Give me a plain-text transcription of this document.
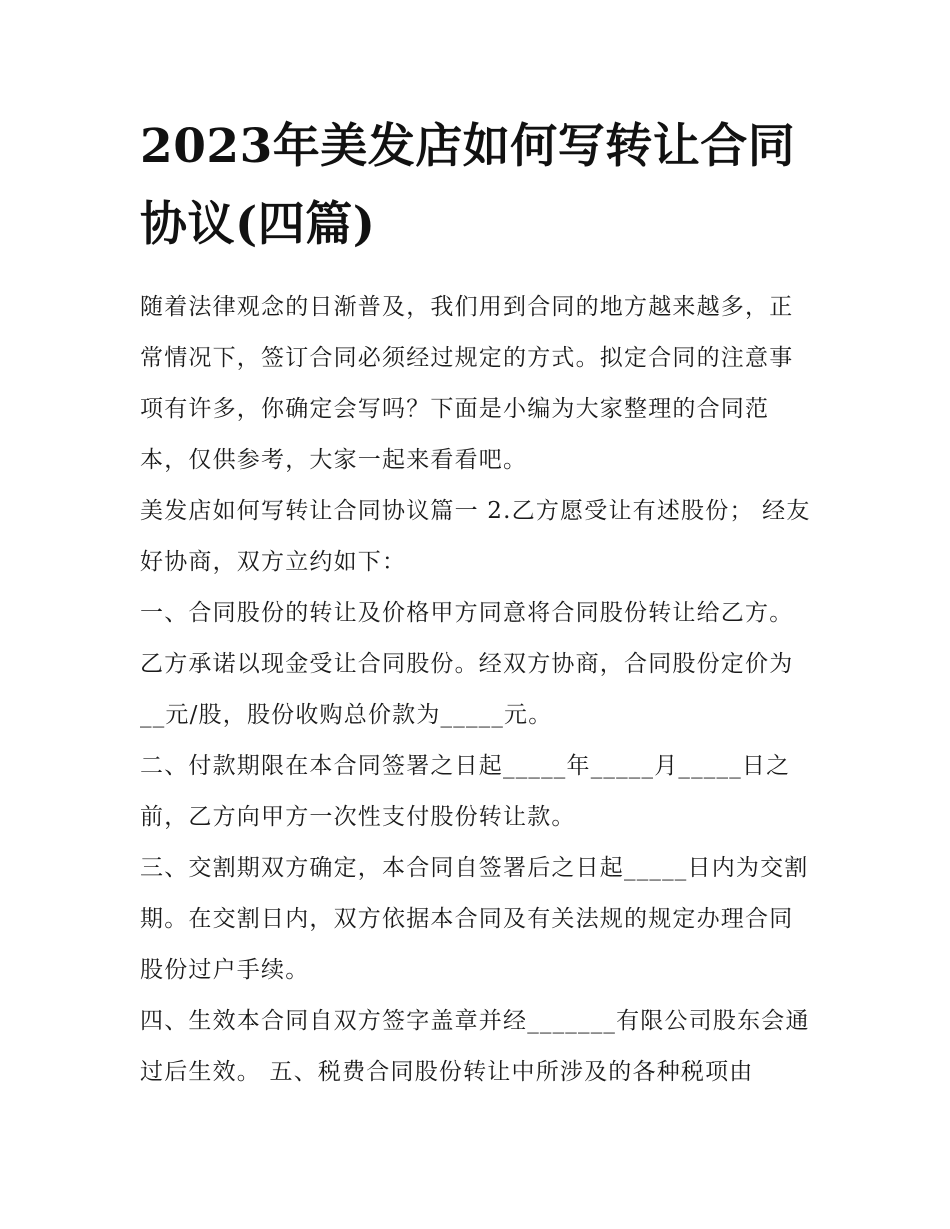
2023年美发店如何写转让合同协议(四篇)

随着法律观念的日渐普及，我们用到合同的地方越来越多，正常情况下，签订合同必须经过规定的方式。拟定合同的注意事项有许多，你确定会写吗？下面是小编为大家整理的合同范本，仅供参考，大家一起来看看吧。

美发店如何写转让合同协议篇一 2.乙方愿受让有述股份； 经友好协商，双方立约如下：

一、合同股份的转让及价格甲方同意将合同股份转让给乙方。乙方承诺以现金受让合同股份。经双方协商，合同股份定价为__元/股，股份收购总价款为_____元。

二、付款期限在本合同签署之日起_____年_____月_____日之前，乙方向甲方一次性支付股份转让款。

三、交割期双方确定，本合同自签署后之日起_____日内为交割期。在交割日内，双方依据本合同及有关法规的规定办理合同股份过户手续。

四、生效本合同自双方签字盖章并经_______有限公司股东会通过后生效。 五、税费合同股份转让中所涉及的各种税项由
